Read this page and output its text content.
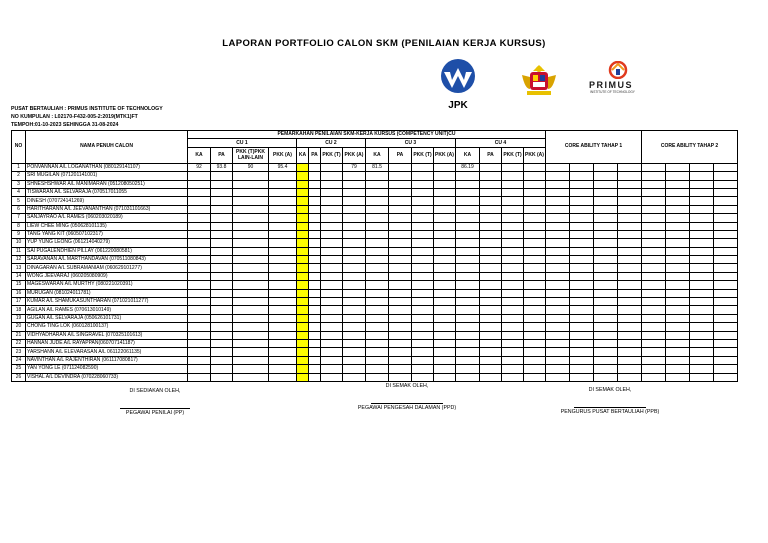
LAPORAN PORTFOLIO CALON SKM (PENILAIAN KERJA KURSUS)
JPK
PRIMUS
INSTITUTE OF TECHNOLOGY
PUSAT BERTAULIAH : PRIMUS INSTITUTE OF TECHNOLOGY
NO KUMPULAN : L02170-F432-005-2:2019(MTK1)FT
TEMPOH:01-10-2023 SEHINGGA 31-08-2024
NO	NAMA PENUH CALON	PEMARKAHAN PENILAIAN SKM-KERJA KURSUS (COMPETENCY UNIT)CU																CORE ABILITY TAHAP 1				CORE ABILITY TAHAP 2			
		CU 1				CU 2				CU 3				CU 4											
		KA	PA	PKK (T)PKK LAIN-LAIN	PKK (A)	KA	PA	PKK (T)	PKK (A)	KA	PA	PKK (T)	PKK (A)	KA	PA	PKK (T)	PKK (A)								
1	PONVANNAN A/L LOGANATHAN (080129141107)	92	93.8	90	95.4				79	81.5				86.19											
2	SRI MUGILAN (071201141001)																								
3	SHNESHSHWAR A/L MANIMARAN (051208050251)																								
4	TISWARAN A/L SELVARAJA (070517011055																								
5	DINESH (070724141269)																								
6	HARITHARANN A/L JEEVANANTHAN (071031101663)																								
7	SANJAYRAO A/L RAMES (060203020189)																								
8	LIEW CHEE MING (050628101135)																								
9	TANG YANG KIT (060507102317)																								
10	YUP YUNG LEONG (061214040279)																								
11	SAI PUGALENDHIEN PILLAY (061220080581)																								
12	SARAVANAN A/L MARTHANDAVAN (070511080843)																								
13	DINAGARAN A/L SUBRAMANIAM (060629101277)																								
14	WONG JEEVARAJ (060205080909)																								
15	MAGESWARAN A/L MURTHY (080221020391)																								
16	MURUGAN (081024011781)																								
17	KUMAR A/L SHAMUKASUNTHARAN (071021011277)																								
18	AGILAN A/L RAMES (070613010149)																								
19	GUGAN A/L SELVARAJA (050626101731)																								
20	CHONG TING LOK (060128100137)																								
21	VIDHYADHARAN A/L SINGRAVEL (070325101613)																								
22	HANNAN JUDE A/L RAYAPPAN(060707141187)																								
23	YARSHANN A/L ELEVARASAN A/L 061122061135)																								
24	NAVINTHAN A/L RAJENTHIRAN (061117080817)																								
25	YAN YONG LE (071124082590)																								
26	VISHAL A/L DEVINDRA (070228060733)																								
DI SEDIAKAN OLEH,
PEGAWAI PENILAI (PP)
DI SEMAK OLEH,
PEGAWAI PENGESAH DALAMAN (PPD)
DI SEMAK OLEH,
PENGURUS PUSAT BERTAULIAH (PPB)
